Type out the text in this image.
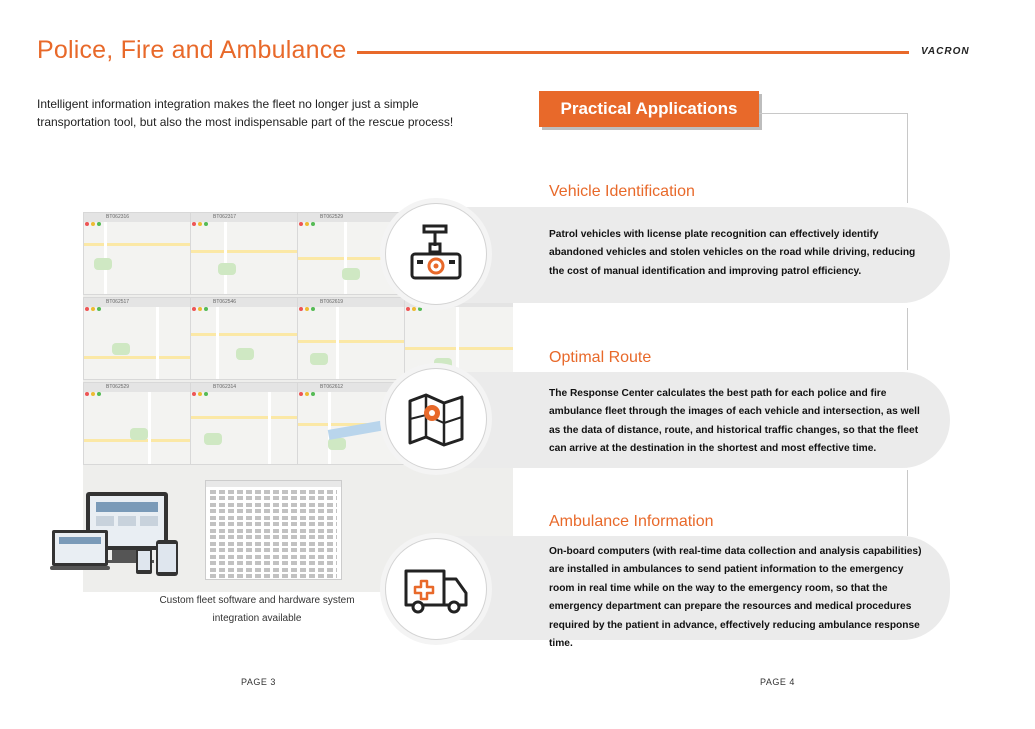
Police, Fire and Ambulance	VACRON
Intelligent information integration makes the fleet no longer just a simple transportation tool, but also the most indispensable part of the rescue process!
Practical Applications
BT062316	BT062317	BT062529
BT062517	BT062546	BT062619
BT062529	BT062314	BT062612
Custom fleet software and hardware system integration available
Vehicle Identification
Patrol vehicles with license plate recognition can effectively identify abandoned vehicles and stolen vehicles on the road while driving, reducing the cost of manual identification and improving patrol efficiency.
Optimal Route
The Response Center calculates the best path for each police and fire ambulance fleet through the images of each vehicle and intersection, as well as the data of distance, route, and historical traffic changes, so that the fleet can arrive at the destination in the shortest and most effective time.
Ambulance Information
On-board computers (with real-time data collection and analysis capabilities) are installed in ambulances to send patient information to the emergency room in real time while on the way to the emergency room, so that the emergency department can prepare the resources and medical procedures required by the patient in advance, effectively reducing ambulance response time.
PAGE 3	PAGE 4
